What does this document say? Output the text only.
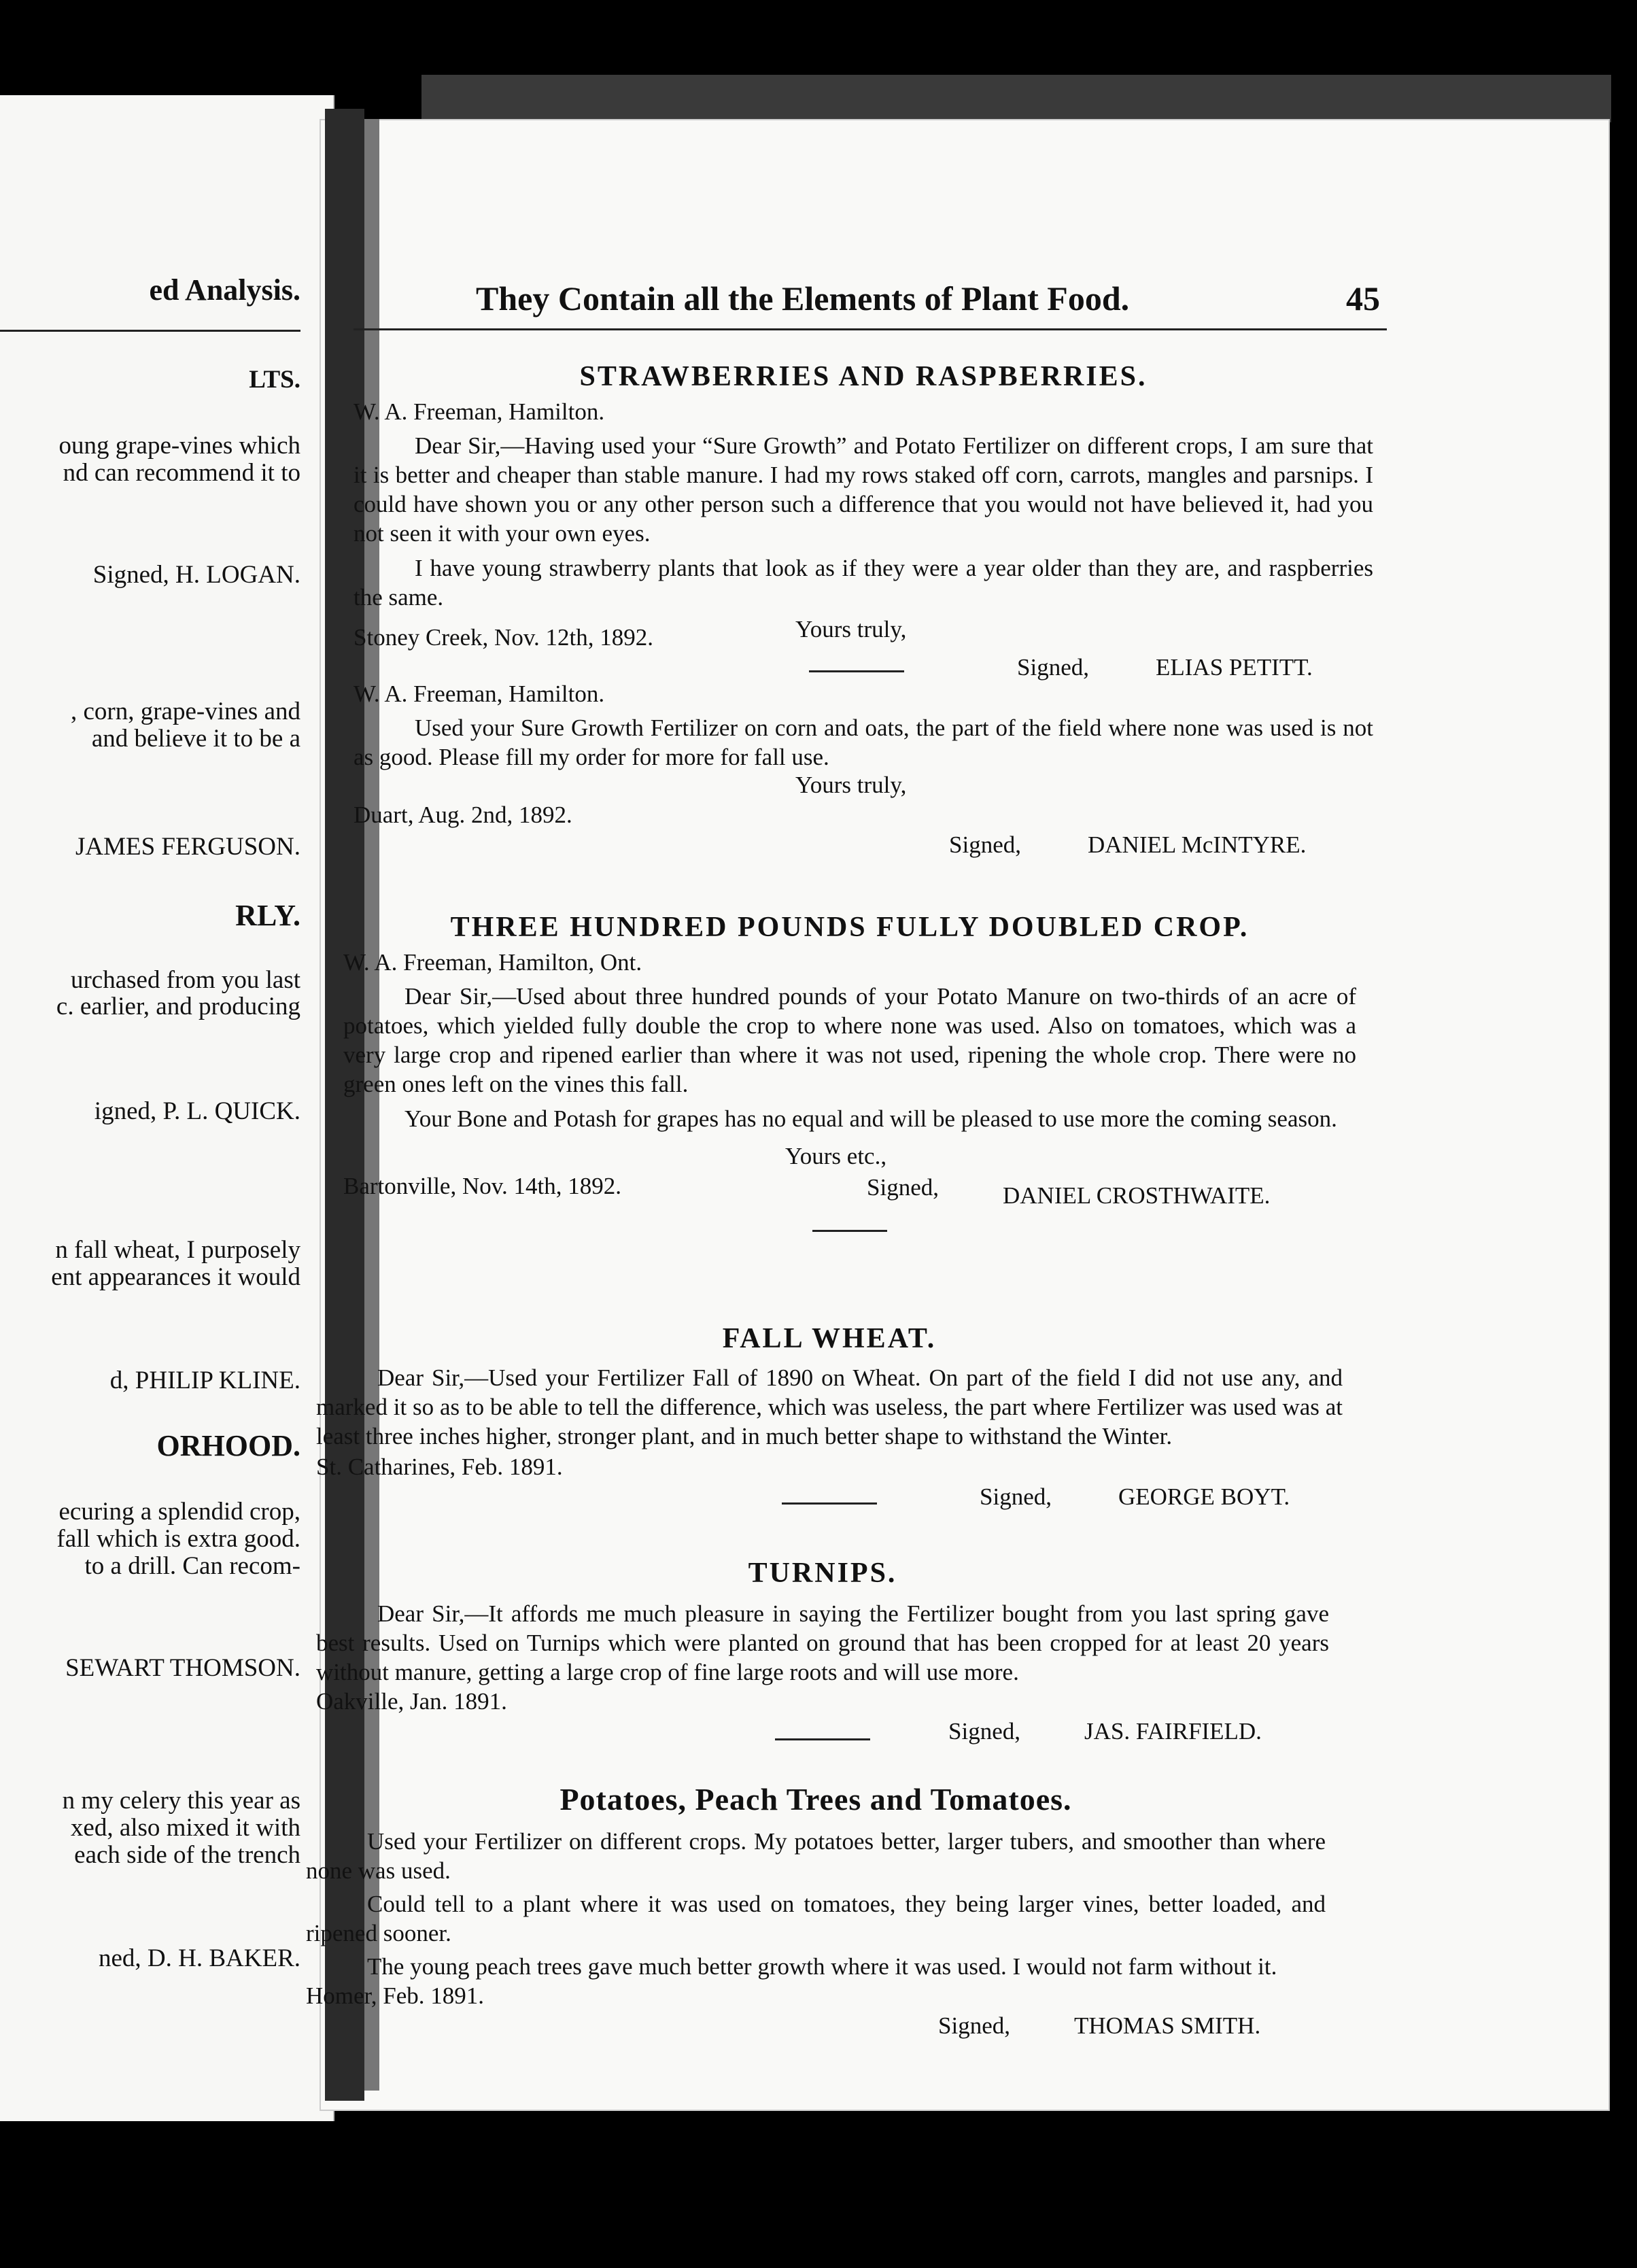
ed Analysis.
LTS.
oung grape-vines which
nd can recommend it to
Signed, H. LOGAN.
, corn, grape-vines and
and believe it to be a
JAMES FERGUSON.
RLY.
urchased from you last
c. earlier, and producing
igned, P. L. QUICK.
n fall wheat, I purposely
ent appearances it would
d, PHILIP KLINE.
ORHOOD.
ecuring a splendid crop,
fall which is extra good.
to a drill. Can recom-
SEWART THOMSON.
n my celery this year as
xed, also mixed it with
each side of the trench
ned, D. H. BAKER.
They Contain all the Elements of Plant Food.	45

STRAWBERRIES AND RASPBERRIES.

W. A. Freeman, Hamilton.

Dear Sir,—Having used your “Sure Growth” and Potato Fertilizer on different crops, I am sure that it is better and cheaper than stable manure. I had my rows staked off corn, carrots, mangles and parsnips. I could have shown you or any other person such a difference that you would not have believed it, had you not seen it with your own eyes.

I have young strawberry plants that look as if they were a year older than they are, and raspberries the same.

Stoney Creek, Nov. 12th, 1892.	Yours truly,
Signed,	ELIAS PETITT.

W. A. Freeman, Hamilton.

Used your Sure Growth Fertilizer on corn and oats, the part of the field where none was used is not as good. Please fill my order for more for fall use.

Yours truly,
Duart, Aug. 2nd, 1892.
Signed,	DANIEL McINTYRE.

THREE HUNDRED POUNDS FULLY DOUBLED CROP.

W. A. Freeman, Hamilton, Ont.

Dear Sir,—Used about three hundred pounds of your Potato Manure on two-thirds of an acre of potatoes, which yielded fully double the crop to where none was used. Also on tomatoes, which was a very large crop and ripened earlier than where it was not used, ripening the whole crop. There were no green ones left on the vines this fall.

Your Bone and Potash for grapes has no equal and will be pleased to use more the coming season.

Yours etc.,
Bartonville, Nov. 14th, 1892.	Signed,	DANIEL CROSTHWAITE.

FALL WHEAT.

Dear Sir,—Used your Fertilizer Fall of 1890 on Wheat. On part of the field I did not use any, and marked it so as to be able to tell the difference, which was useless, the part where Fertilizer was used was at least three inches higher, stronger plant, and in much better shape to withstand the Winter.

St. Catharines, Feb. 1891.
Signed,	GEORGE BOYT.

TURNIPS.

Dear Sir,—It affords me much pleasure in saying the Fertilizer bought from you last spring gave best results. Used on Turnips which were planted on ground that has been cropped for at least 20 years without manure, getting a large crop of fine large roots and will use more.

Oakville, Jan. 1891.
Signed,	JAS. FAIRFIELD.

Potatoes, Peach Trees and Tomatoes.

Used your Fertilizer on different crops. My potatoes better, larger tubers, and smoother than where none was used.

Could tell to a plant where it was used on tomatoes, they being larger vines, better loaded, and ripened sooner.

The young peach trees gave much better growth where it was used. I would not farm without it.

Homer, Feb. 1891.
Signed,	THOMAS SMITH.
